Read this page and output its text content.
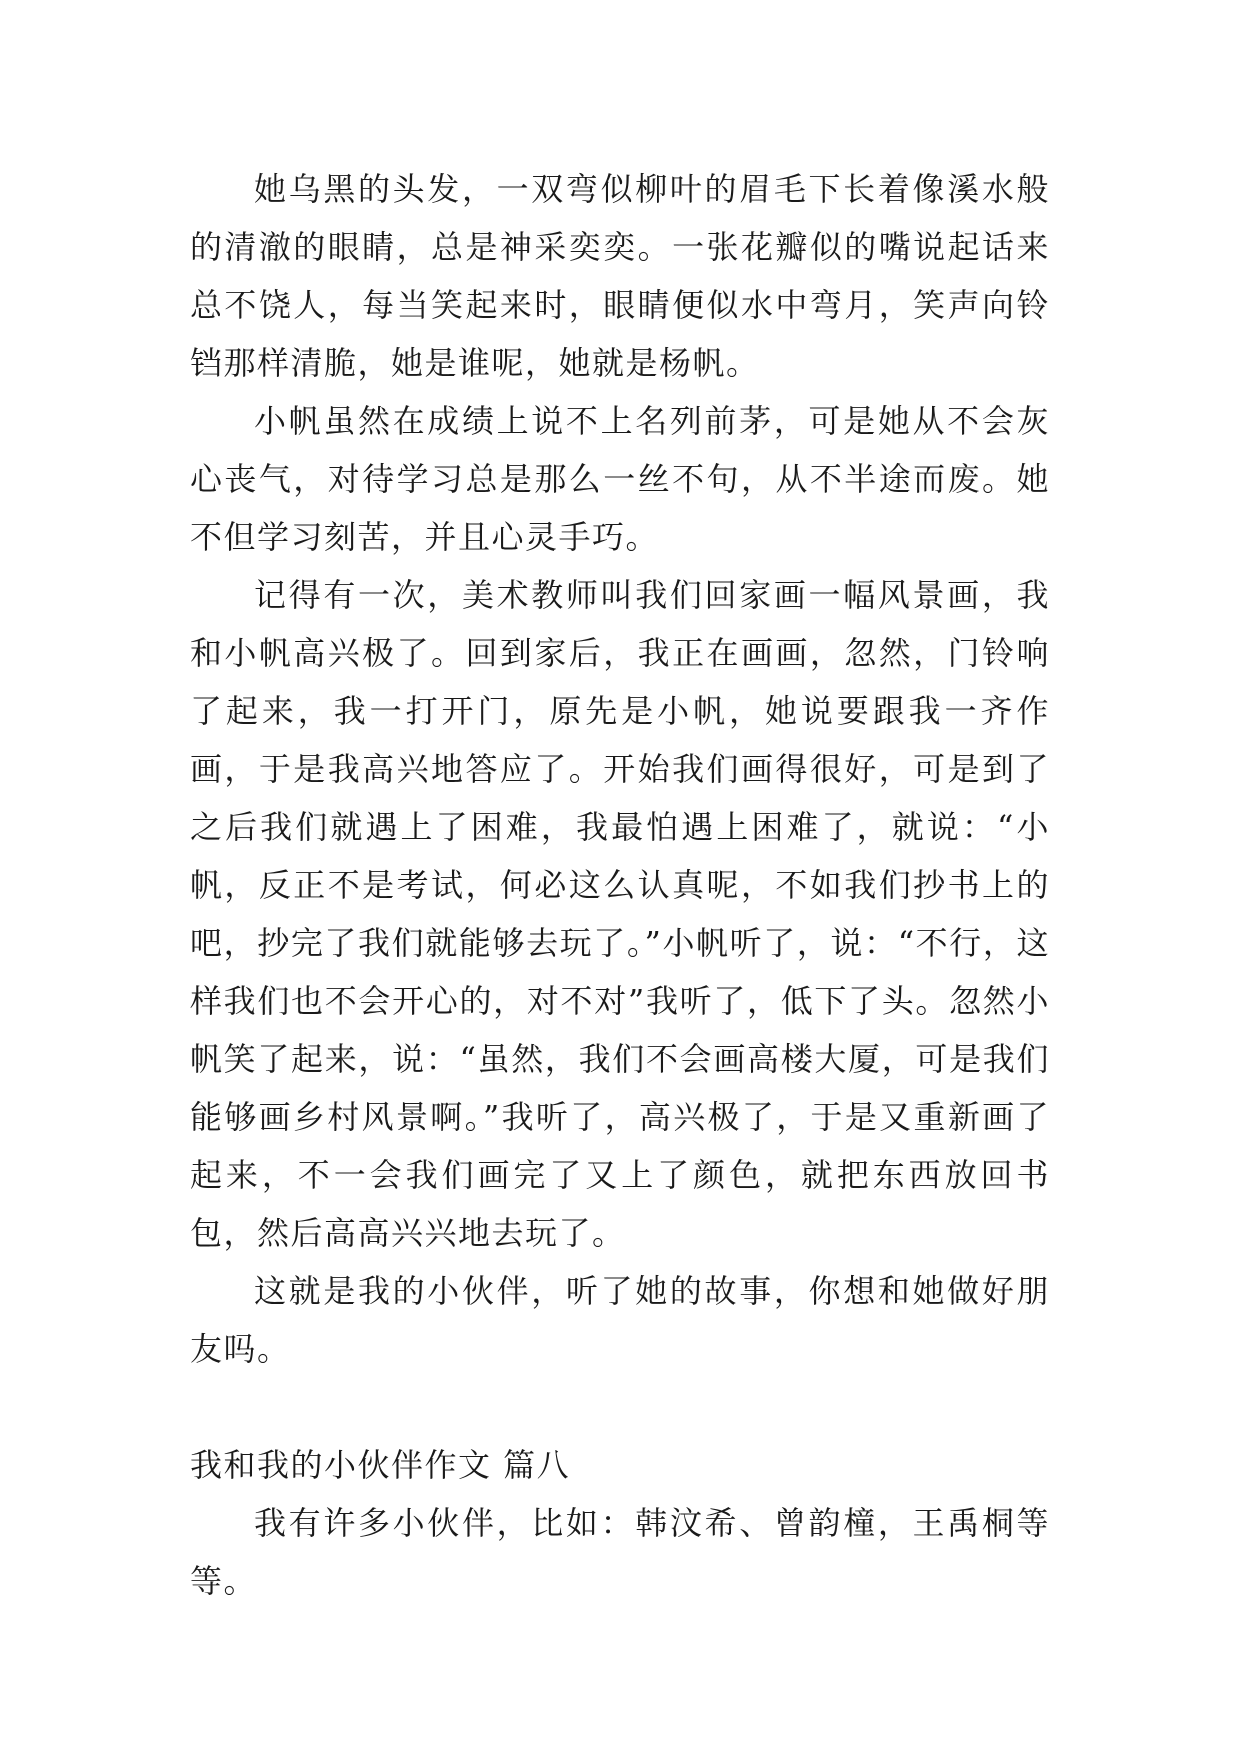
她乌黑的头发，一双弯似柳叶的眉毛下长着像溪水般的清澈的眼睛，总是神采奕奕。一张花瓣似的嘴说起话来总不饶人，每当笑起来时，眼睛便似水中弯月，笑声向铃铛那样清脆，她是谁呢，她就是杨帆。

小帆虽然在成绩上说不上名列前茅，可是她从不会灰心丧气，对待学习总是那么一丝不句，从不半途而废。她不但学习刻苦，并且心灵手巧。

记得有一次，美术教师叫我们回家画一幅风景画，我和小帆高兴极了。回到家后，我正在画画，忽然，门铃响了起来，我一打开门，原先是小帆，她说要跟我一齐作画，于是我高兴地答应了。开始我们画得很好，可是到了之后我们就遇上了困难，我最怕遇上困难了，就说：“小帆，反正不是考试，何必这么认真呢，不如我们抄书上的吧，抄完了我们就能够去玩了。”小帆听了，说：“不行，这样我们也不会开心的，对不对”我听了，低下了头。忽然小帆笑了起来，说：“虽然，我们不会画高楼大厦，可是我们能够画乡村风景啊。”我听了，高兴极了，于是又重新画了起来，不一会我们画完了又上了颜色，就把东西放回书包，然后高高兴兴地去玩了。

这就是我的小伙伴，听了她的故事，你想和她做好朋友吗。

我和我的小伙伴作文 篇八

我有许多小伙伴，比如：韩汶希、曾韵橦，王禹桐等等。
